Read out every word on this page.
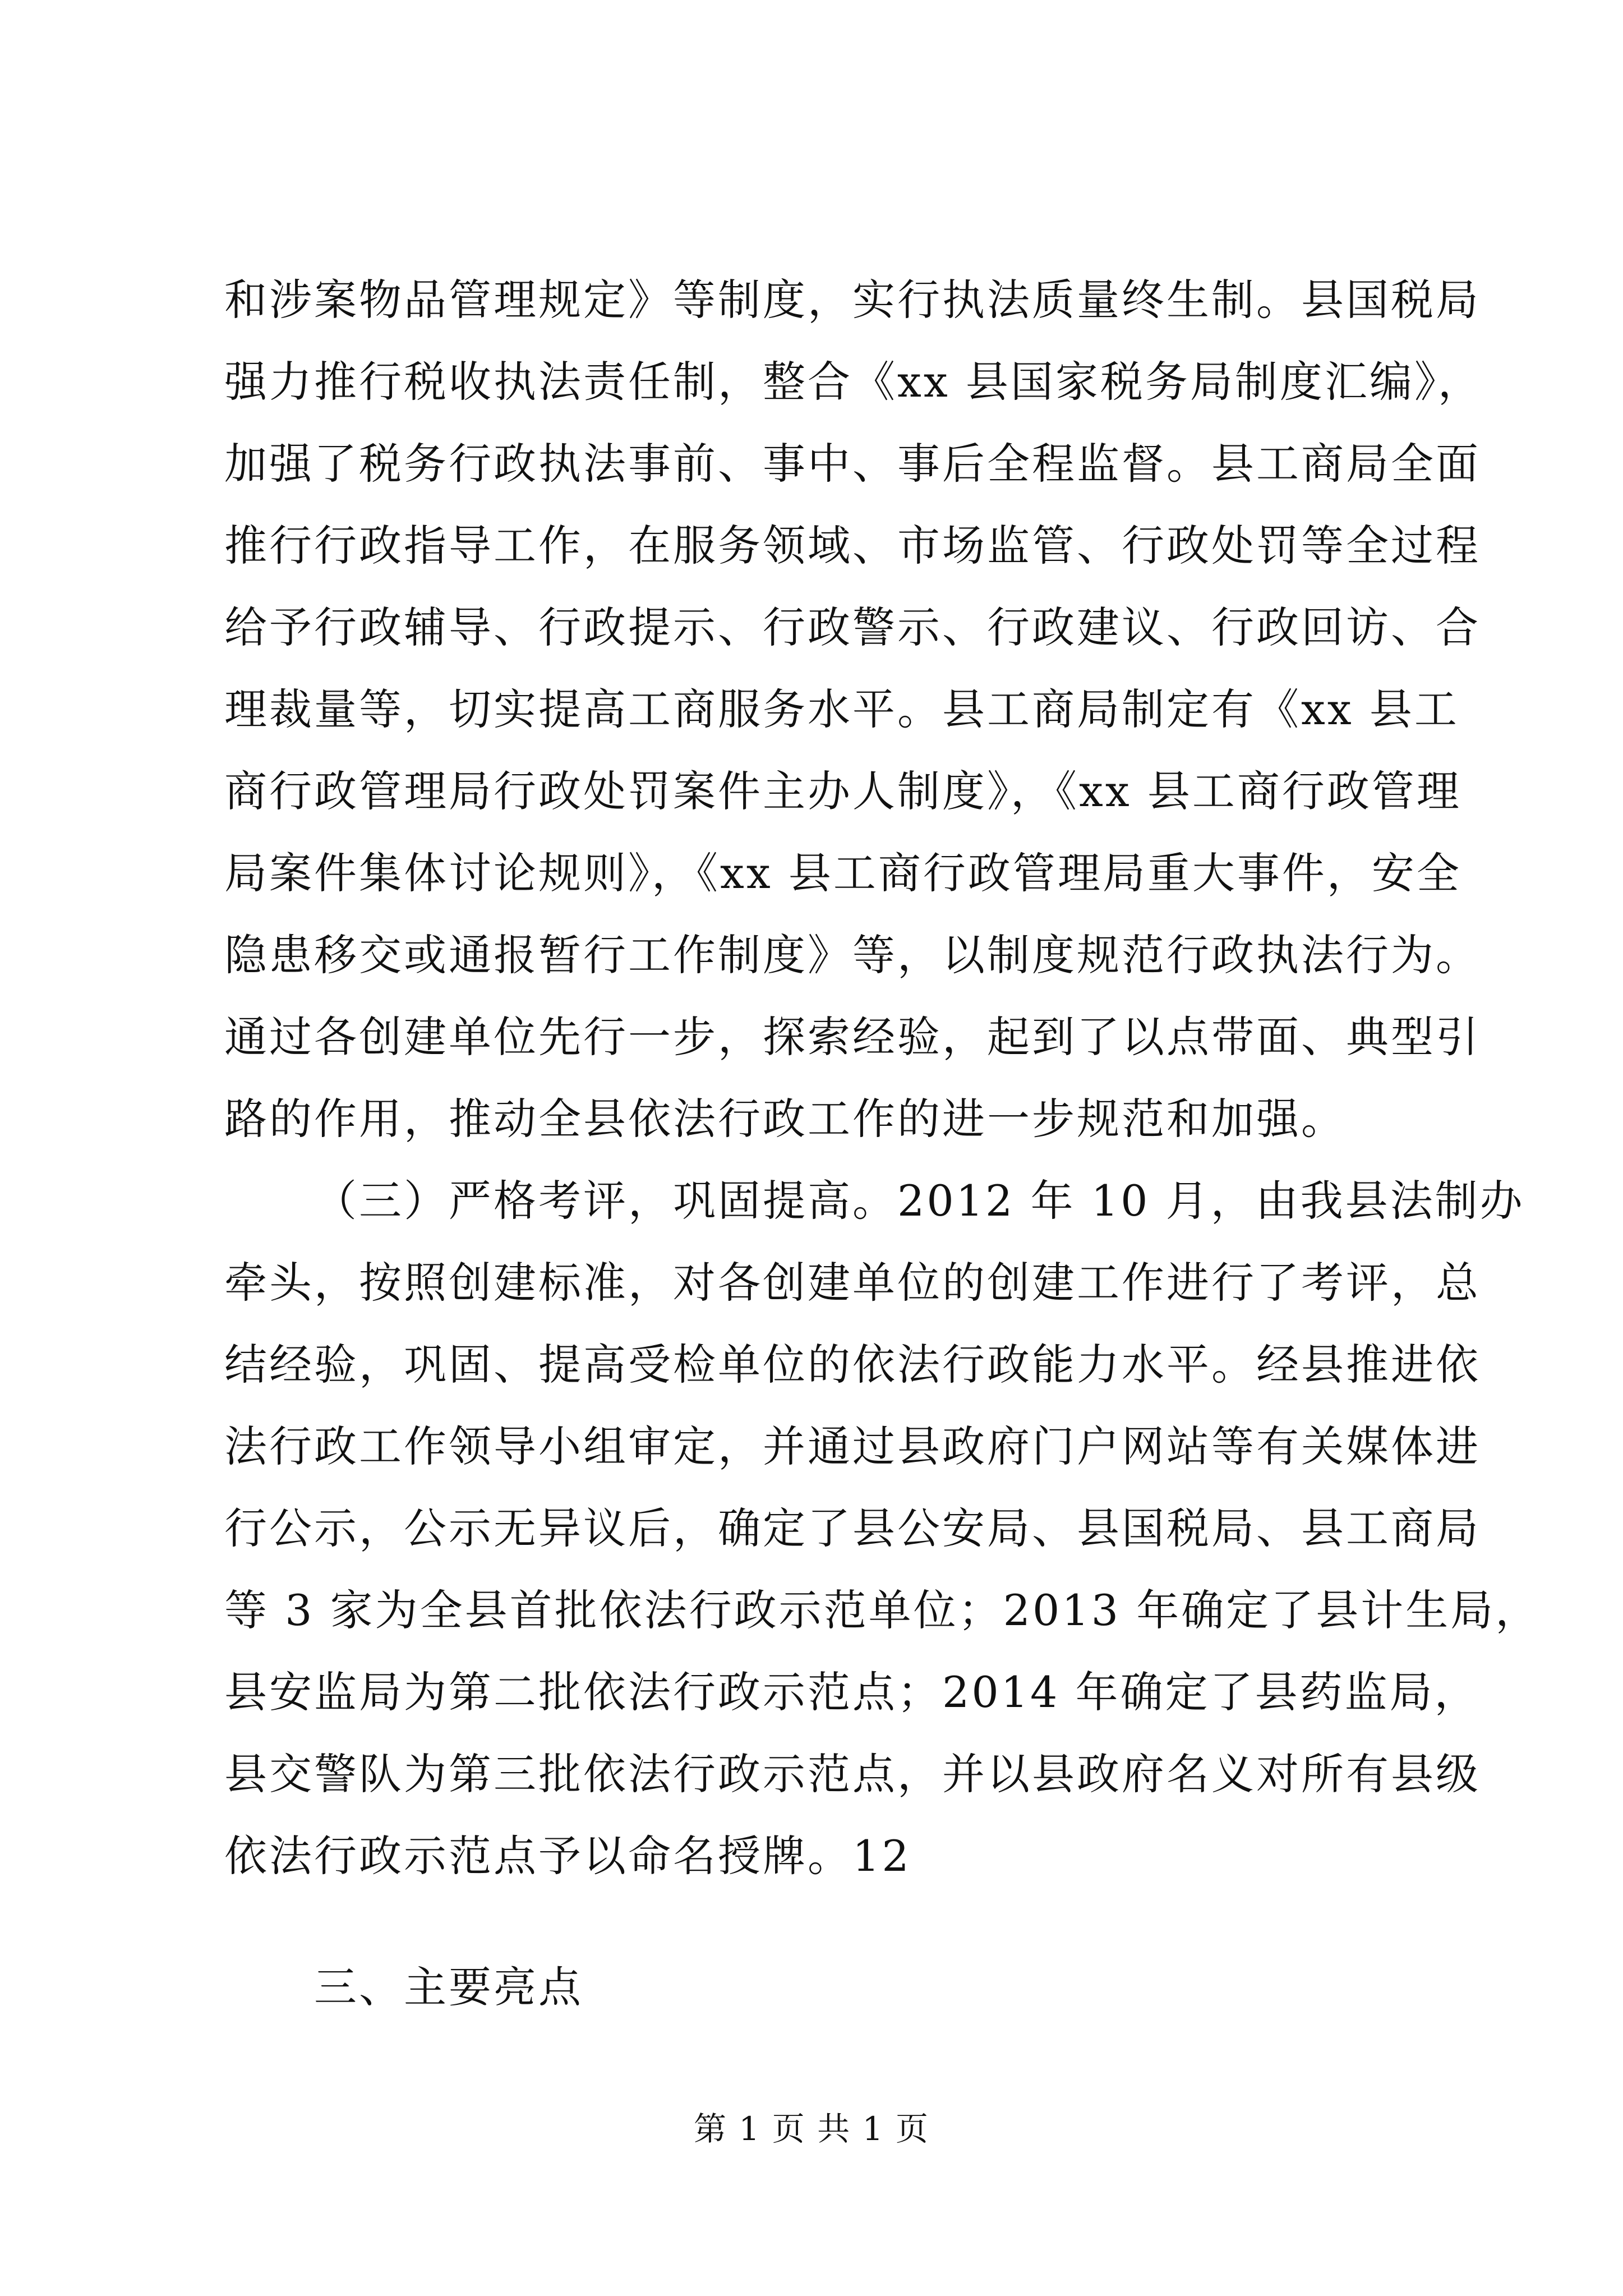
和涉案物品管理规定》等制度，实行执法质量终生制。县国税局
强力推行税收执法责任制，整合《xx 县国家税务局制度汇编》，
加强了税务行政执法事前、事中、事后全程监督。县工商局全面
推行行政指导工作，在服务领域、市场监管、行政处罚等全过程
给予行政辅导、行政提示、行政警示、行政建议、行政回访、合
理裁量等，切实提高工商服务水平。县工商局制定有《xx 县工
商行政管理局行政处罚案件主办人制度》，《xx 县工商行政管理
局案件集体讨论规则》，《xx 县工商行政管理局重大事件，安全
隐患移交或通报暂行工作制度》等，以制度规范行政执法行为。
通过各创建单位先行一步，探索经验，起到了以点带面、典型引
路的作用，推动全县依法行政工作的进一步规范和加强。
（三）严格考评，巩固提高。2012 年 10 月，由我县法制办
牵头，按照创建标准，对各创建单位的创建工作进行了考评，总
结经验，巩固、提高受检单位的依法行政能力水平。经县推进依
法行政工作领导小组审定，并通过县政府门户网站等有关媒体进
行公示，公示无异议后，确定了县公安局、县国税局、县工商局
等 3 家为全县首批依法行政示范单位；2013 年确定了县计生局，
县安监局为第二批依法行政示范点；2014 年确定了县药监局，
县交警队为第三批依法行政示范点，并以县政府名义对所有县级
依法行政示范点予以命名授牌。12
三、主要亮点
第 1 页 共 1 页
